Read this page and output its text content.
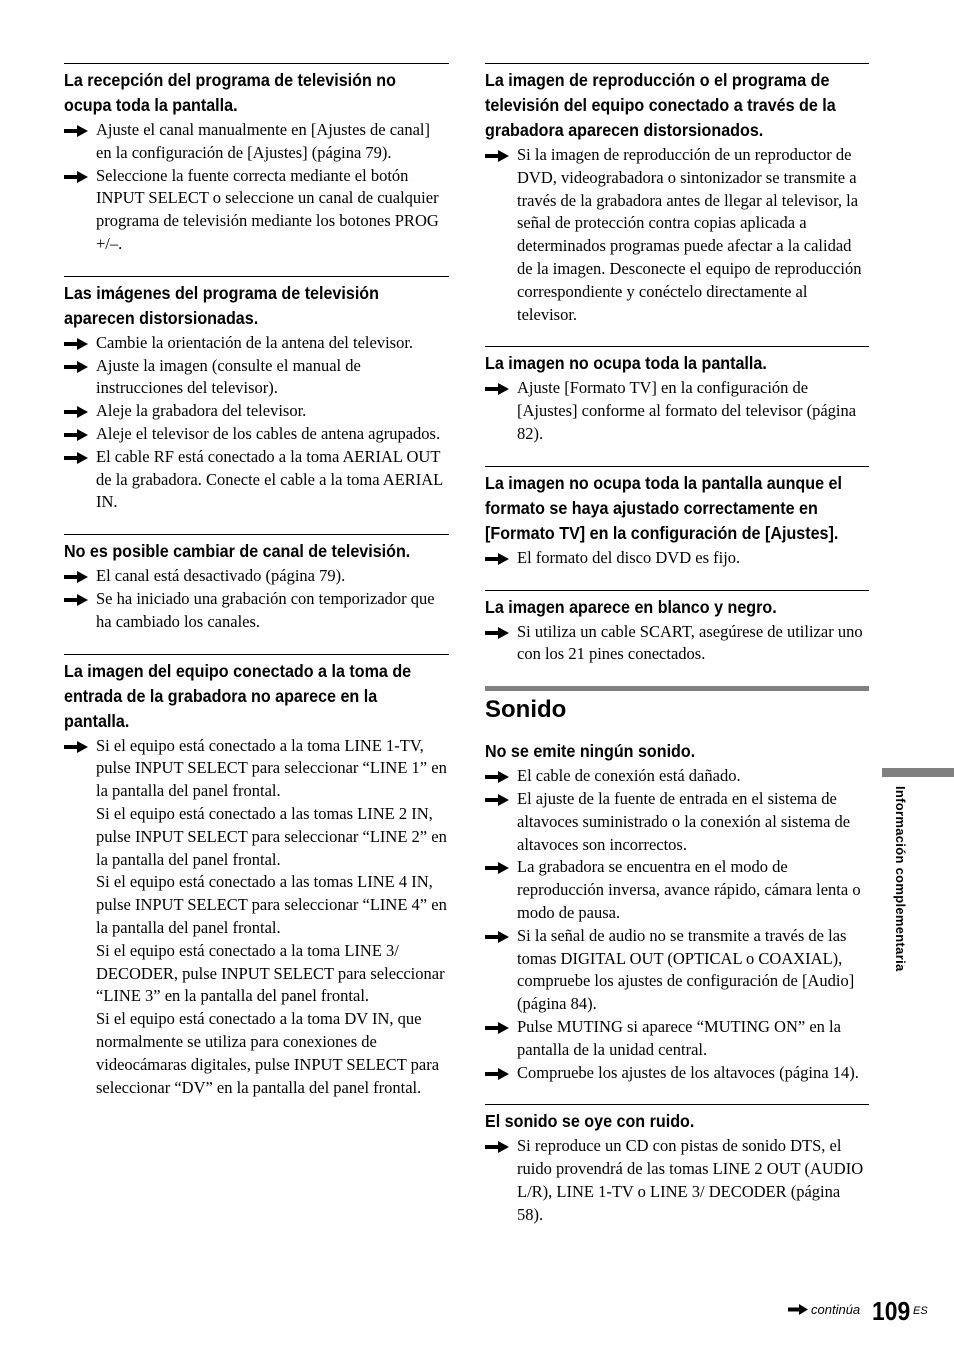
La recepción del programa de televisión no ocupa toda la pantalla.
Ajuste el canal manualmente en [Ajustes de canal] en la configuración de [Ajustes] (página 79).
Seleccione la fuente correcta mediante el botón INPUT SELECT o seleccione un canal de cualquier programa de televisión mediante los botones PROG +/–.
Las imágenes del programa de televisión aparecen distorsionadas.
Cambie la orientación de la antena del televisor.
Ajuste la imagen (consulte el manual de instrucciones del televisor).
Aleje la grabadora del televisor.
Aleje el televisor de los cables de antena agrupados.
El cable RF está conectado a la toma AERIAL OUT de la grabadora. Conecte el cable a la toma AERIAL IN.
No es posible cambiar de canal de televisión.
El canal está desactivado (página 79).
Se ha iniciado una grabación con temporizador que ha cambiado los canales.
La imagen del equipo conectado a la toma de entrada de la grabadora no aparece en la pantalla.
Si el equipo está conectado a la toma LINE 1-TV, pulse INPUT SELECT para seleccionar “LINE 1” en la pantalla del panel frontal.
Si el equipo está conectado a las tomas LINE 2 IN, pulse INPUT SELECT para seleccionar “LINE 2” en la pantalla del panel frontal.
Si el equipo está conectado a las tomas LINE 4 IN, pulse INPUT SELECT para seleccionar “LINE 4” en la pantalla del panel frontal.
Si el equipo está conectado a la toma LINE 3/ DECODER, pulse INPUT SELECT para seleccionar “LINE 3” en la pantalla del panel frontal.
Si el equipo está conectado a la toma DV IN, que normalmente se utiliza para conexiones de videocámaras digitales, pulse INPUT SELECT para seleccionar “DV” en la pantalla del panel frontal.
La imagen de reproducción o el programa de televisión del equipo conectado a través de la grabadora aparecen distorsionados.
Si la imagen de reproducción de un reproductor de DVD, videograbadora o sintonizador se transmite a través de la grabadora antes de llegar al televisor, la señal de protección contra copias aplicada a determinados programas puede afectar a la calidad de la imagen. Desconecte el equipo de reproducción correspondiente y conéctelo directamente al televisor.
La imagen no ocupa toda la pantalla.
Ajuste [Formato TV] en la configuración de [Ajustes] conforme al formato del televisor (página 82).
La imagen no ocupa toda la pantalla aunque el formato se haya ajustado correctamente en [Formato TV] en la configuración de [Ajustes].
El formato del disco DVD es fijo.
La imagen aparece en blanco y negro.
Si utiliza un cable SCART, asegúrese de utilizar uno con los 21 pines conectados.
Sonido
No se emite ningún sonido.
El cable de conexión está dañado.
El ajuste de la fuente de entrada en el sistema de altavoces suministrado o la conexión al sistema de altavoces son incorrectos.
La grabadora se encuentra en el modo de reproducción inversa, avance rápido, cámara lenta o modo de pausa.
Si la señal de audio no se transmite a través de las tomas DIGITAL OUT (OPTICAL o COAXIAL), compruebe los ajustes de configuración de [Audio] (página 84).
Pulse MUTING si aparece “MUTING ON” en la pantalla de la unidad central.
Compruebe los ajustes de los altavoces (página 14).
El sonido se oye con ruido.
Si reproduce un CD con pistas de sonido DTS, el ruido provendrá de las tomas LINE 2 OUT (AUDIO L/R), LINE 1-TV o LINE 3/ DECODER (página 58).
Información complementaria
continúa 109 ES
